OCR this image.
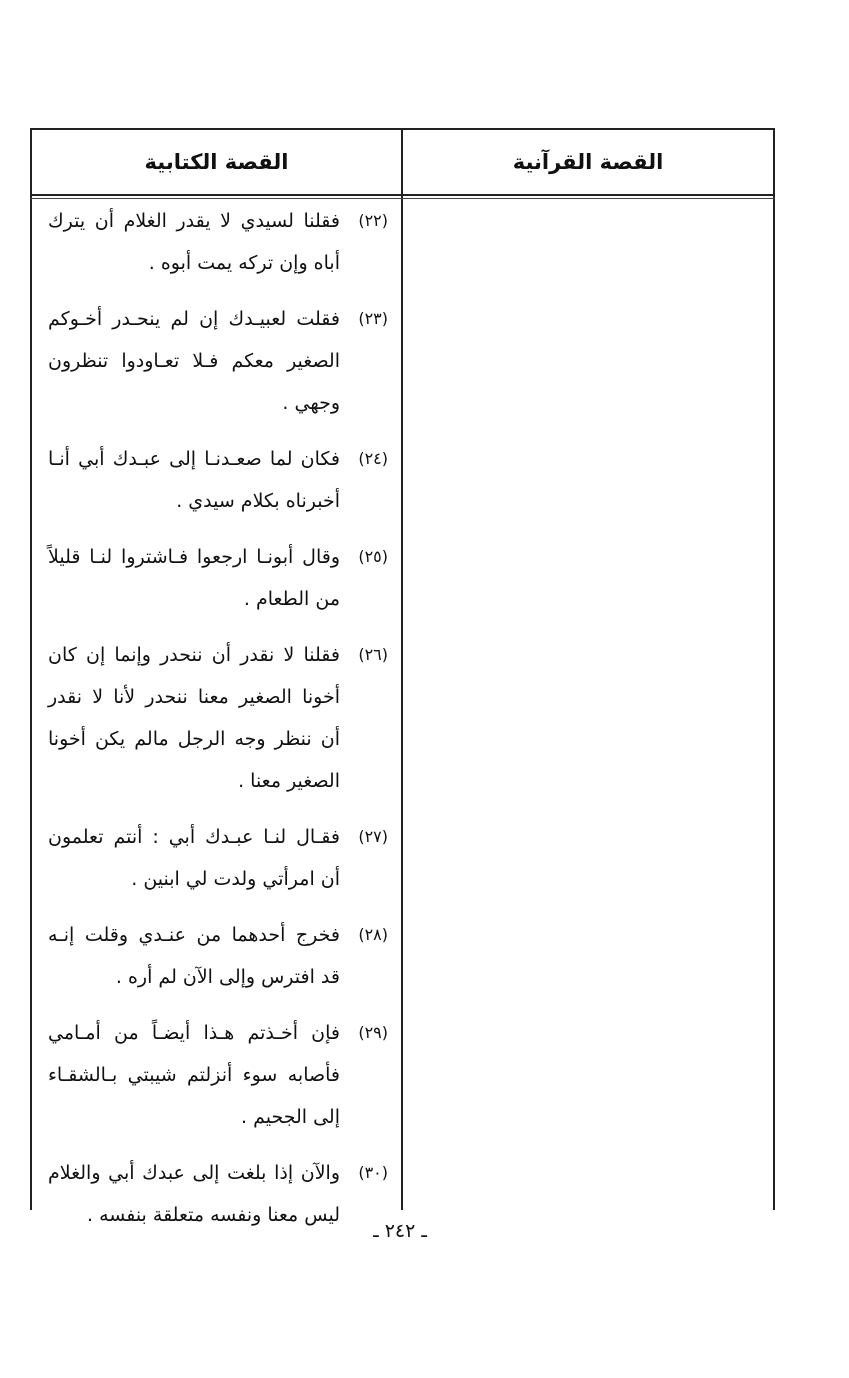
القصة القرآنية
القصة الكتابية
(٢٢)
فقلنا لسيدي لا يقدر الغلام أن يترك أباه وإن تركه يمت أبوه .
(٢٣)
فقلت لعبيـدك إن لم ينحـدر أخـوكم الصغير معكم فـلا تعـاودوا تنظرون وجهي .
(٢٤)
فكان لما صعـدنـا إلى عبـدك أبي أنـا أخبرناه بكلام سيدي .
(٢٥)
وقال أبونـا ارجعوا فـاشتروا لنـا قليلاً من الطعام .
(٢٦)
فقلنا لا نقدر أن ننحدر وإنما إن كان أخونا الصغير معنا ننحدر لأنا لا نقدر أن ننظر وجه الرجل مالم يكن أخونا الصغير معنا .
(٢٧)
فقـال لنـا عبـدك أبي : أنتم تعلمون أن امرأتي ولدت لي ابنين .
(٢٨)
فخرج أحدهما من عنـدي وقلت إنـه قد افترس وإلى الآن لم أره .
(٢٩)
فإن أخـذتم هـذا أيضـاً من أمـامي فأصابه سوء أنزلتم شيبتي بـالشقـاء إلى الجحيم .
(٣٠)
والآن إذا بلغت إلى عبدك أبي والغلام ليس معنا ونفسه متعلقة بنفسه .
ـ ٢٤٢ ـ
